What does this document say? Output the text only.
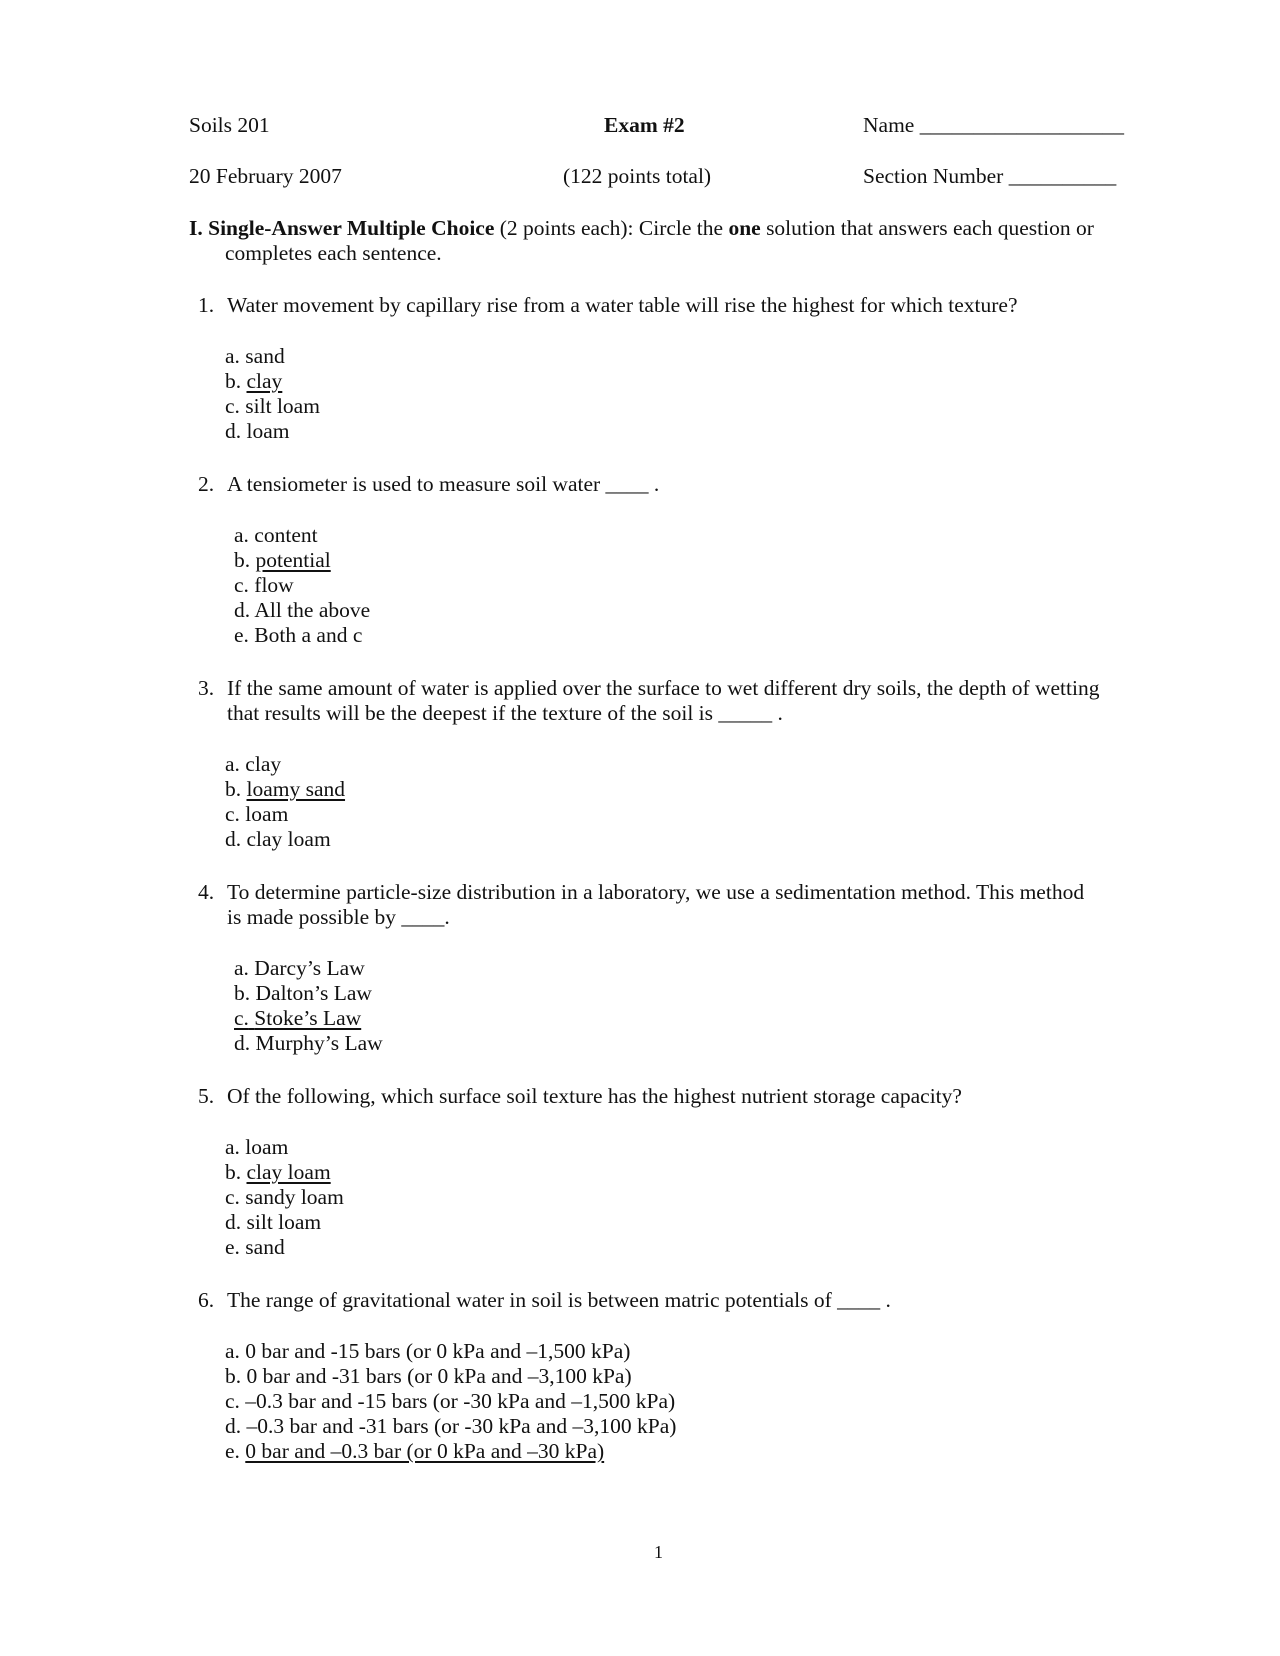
Soils 201	Exam #2	Name ___________________
20 February 2007	(122 points total)	Section Number __________
I. Single-Answer Multiple Choice (2 points each): Circle the one solution that answers each question or
completes each sentence.
1. Water movement by capillary rise from a water table will rise the highest for which texture?
a. sand
b. clay
c. silt loam
d. loam
2. A tensiometer is used to measure soil water ____ .
a. content
b. potential
c. flow
d. All the above
e. Both a and c
3. If the same amount of water is applied over the surface to wet different dry soils, the depth of wetting
that results will be the deepest if the texture of the soil is _____ .
a. clay
b. loamy sand
c. loam
d. clay loam
4. To determine particle-size distribution in a laboratory, we use a sedimentation method. This method
is made possible by ____.
a. Darcy’s Law
b. Dalton’s Law
c. Stoke’s Law
d. Murphy’s Law
5. Of the following, which surface soil texture has the highest nutrient storage capacity?
a. loam
b. clay loam
c. sandy loam
d. silt loam
e. sand
6. The range of gravitational water in soil is between matric potentials of ____ .
a. 0 bar and -15 bars (or 0 kPa and –1,500 kPa)
b. 0 bar and -31 bars (or 0 kPa and –3,100 kPa)
c. –0.3 bar and -15 bars (or -30 kPa and –1,500 kPa)
d. –0.3 bar and -31 bars (or -30 kPa and –3,100 kPa)
e. 0 bar and –0.3 bar (or 0 kPa and –30 kPa)
1
